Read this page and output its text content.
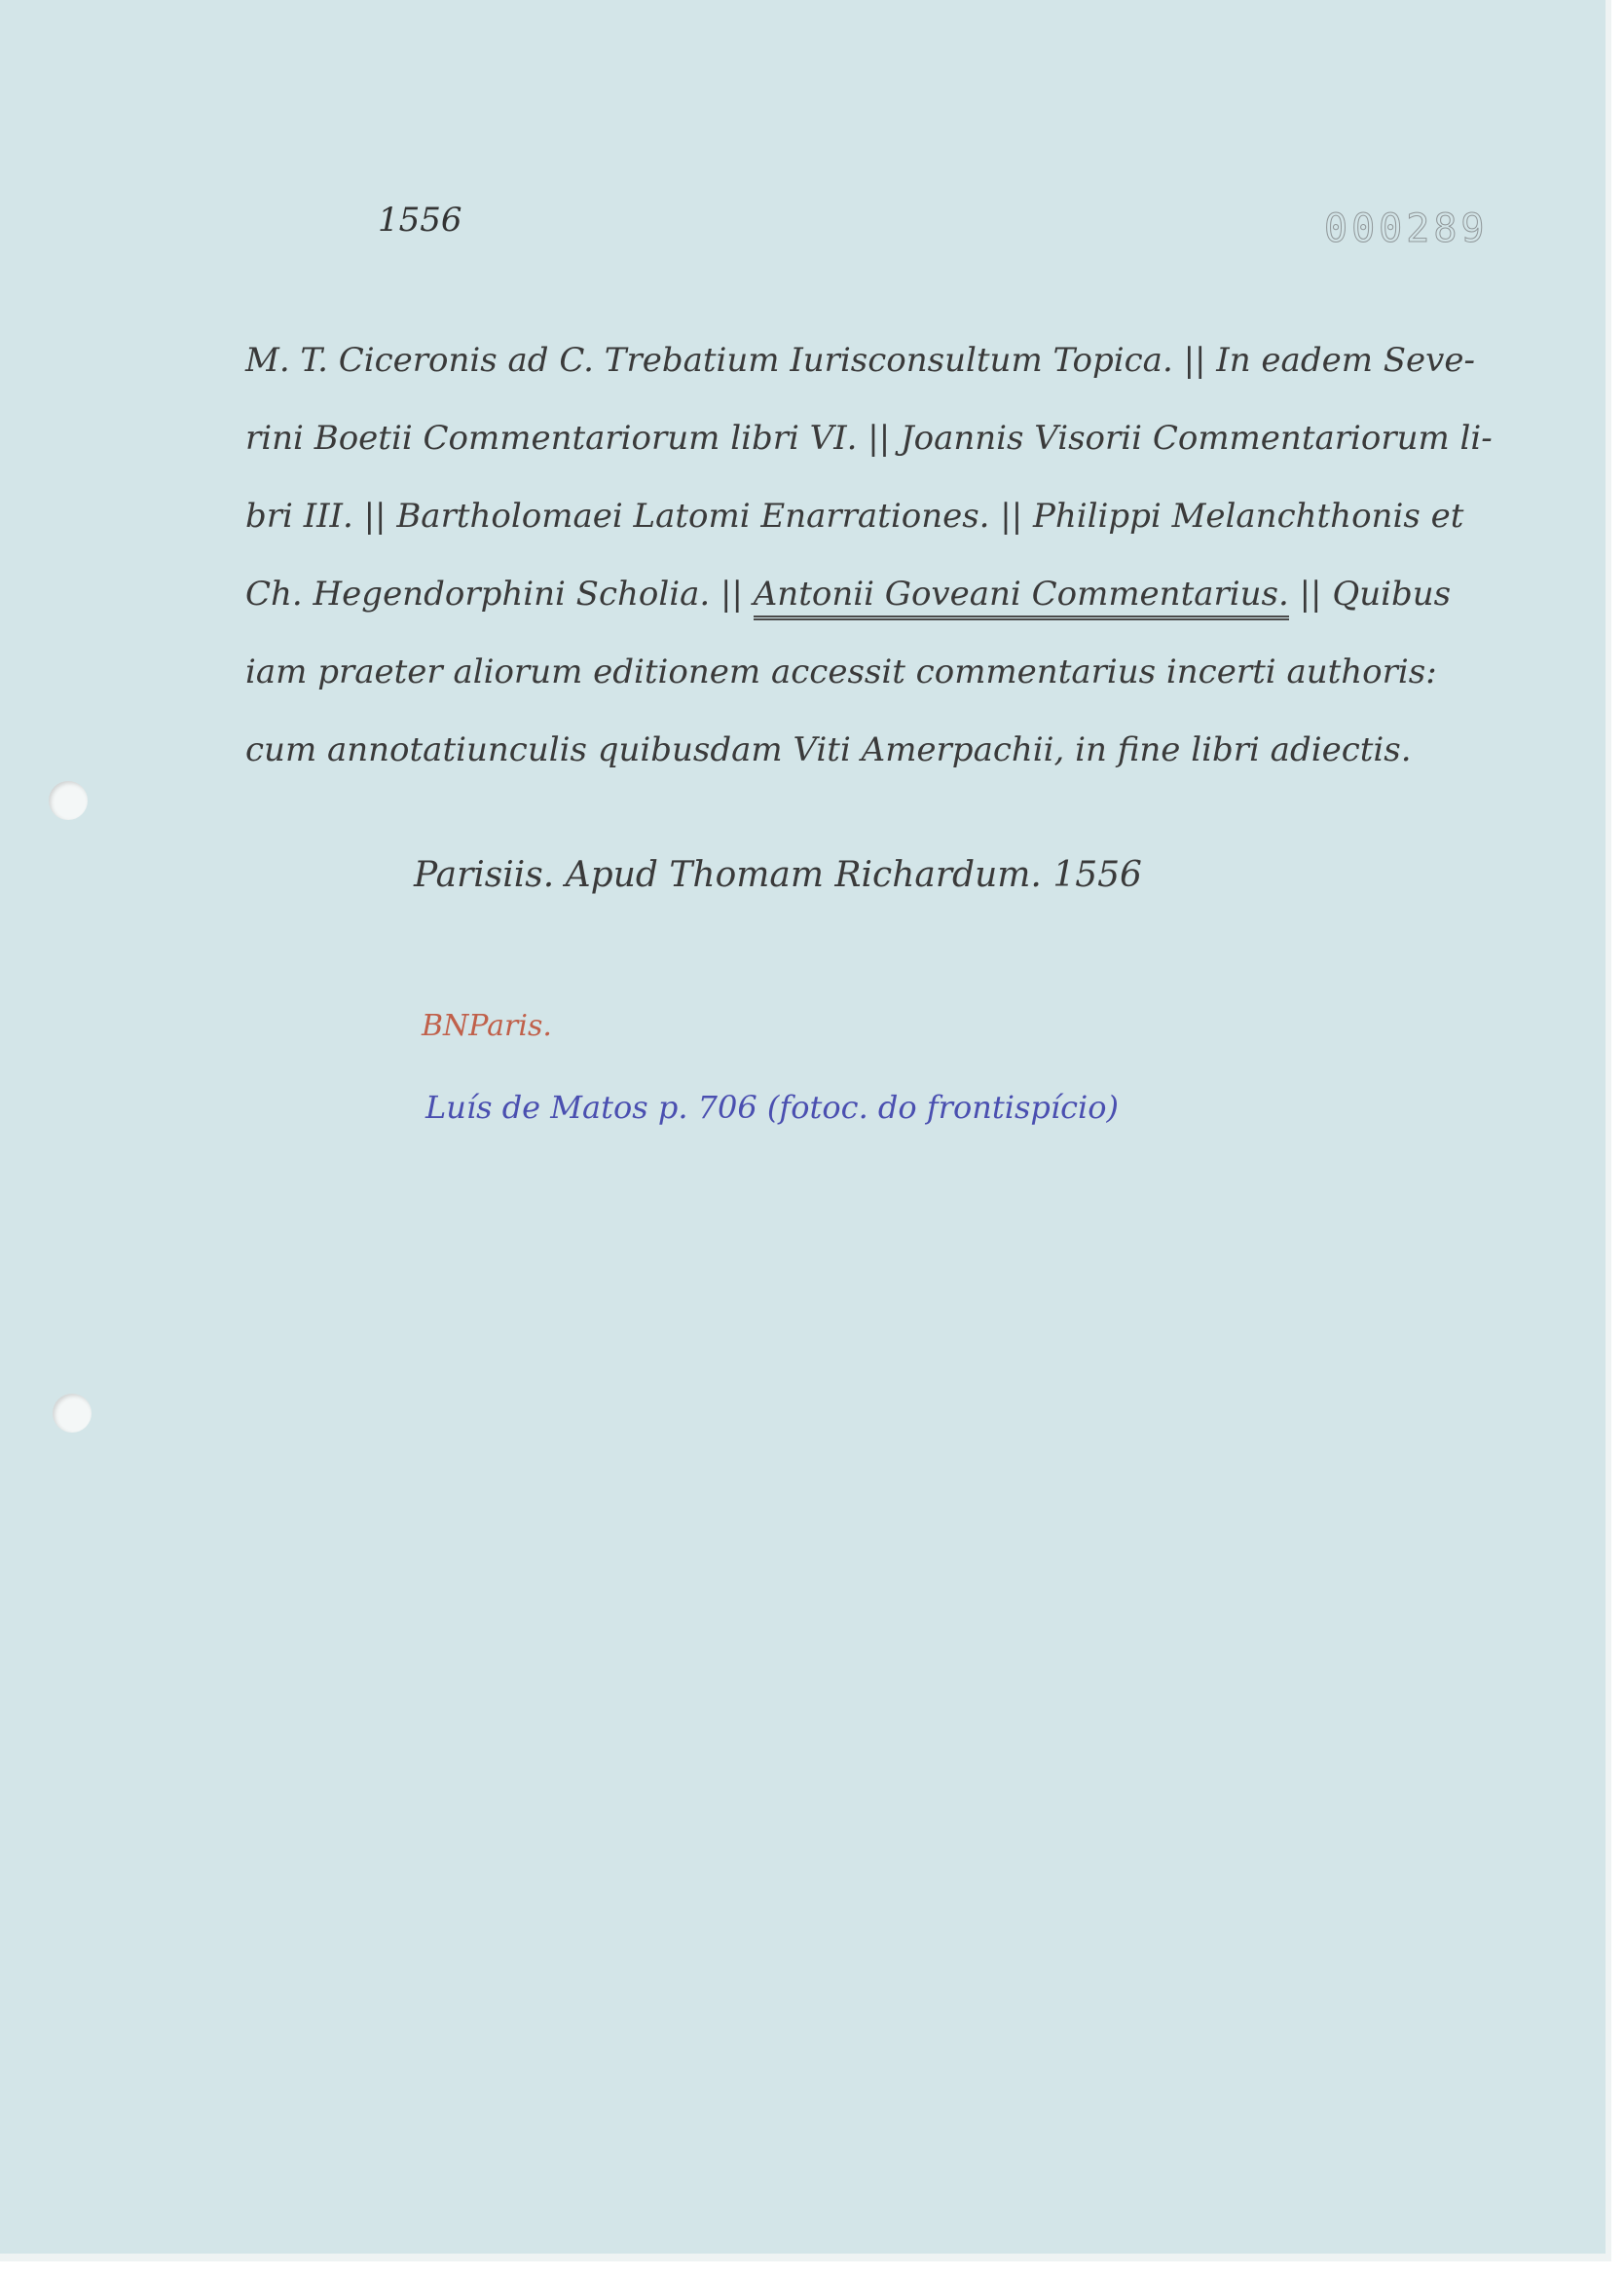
1556	000289
M. T. Ciceronis ad C. Trebatium Iurisconsultum Topica. || In eadem Seve-
rini Boetii Commentariorum libri VI. || Joannis Visorii Commentariorum li-
bri III. || Bartholomaei Latomi Enarrationes. || Philippi Melanchthonis et
Ch. Hegendorphini Scholia. || Antonii Goveani Commentarius. || Quibus
iam praeter aliorum editionem accessit commentarius incerti authoris:
cum annotatiunculis quibusdam Viti Amerpachii, in fine libri adiectis.
Parisiis. Apud Thomam Richardum. 1556
BNParis.
Luís de Matos p. 706 (fotoc. do frontispício)
